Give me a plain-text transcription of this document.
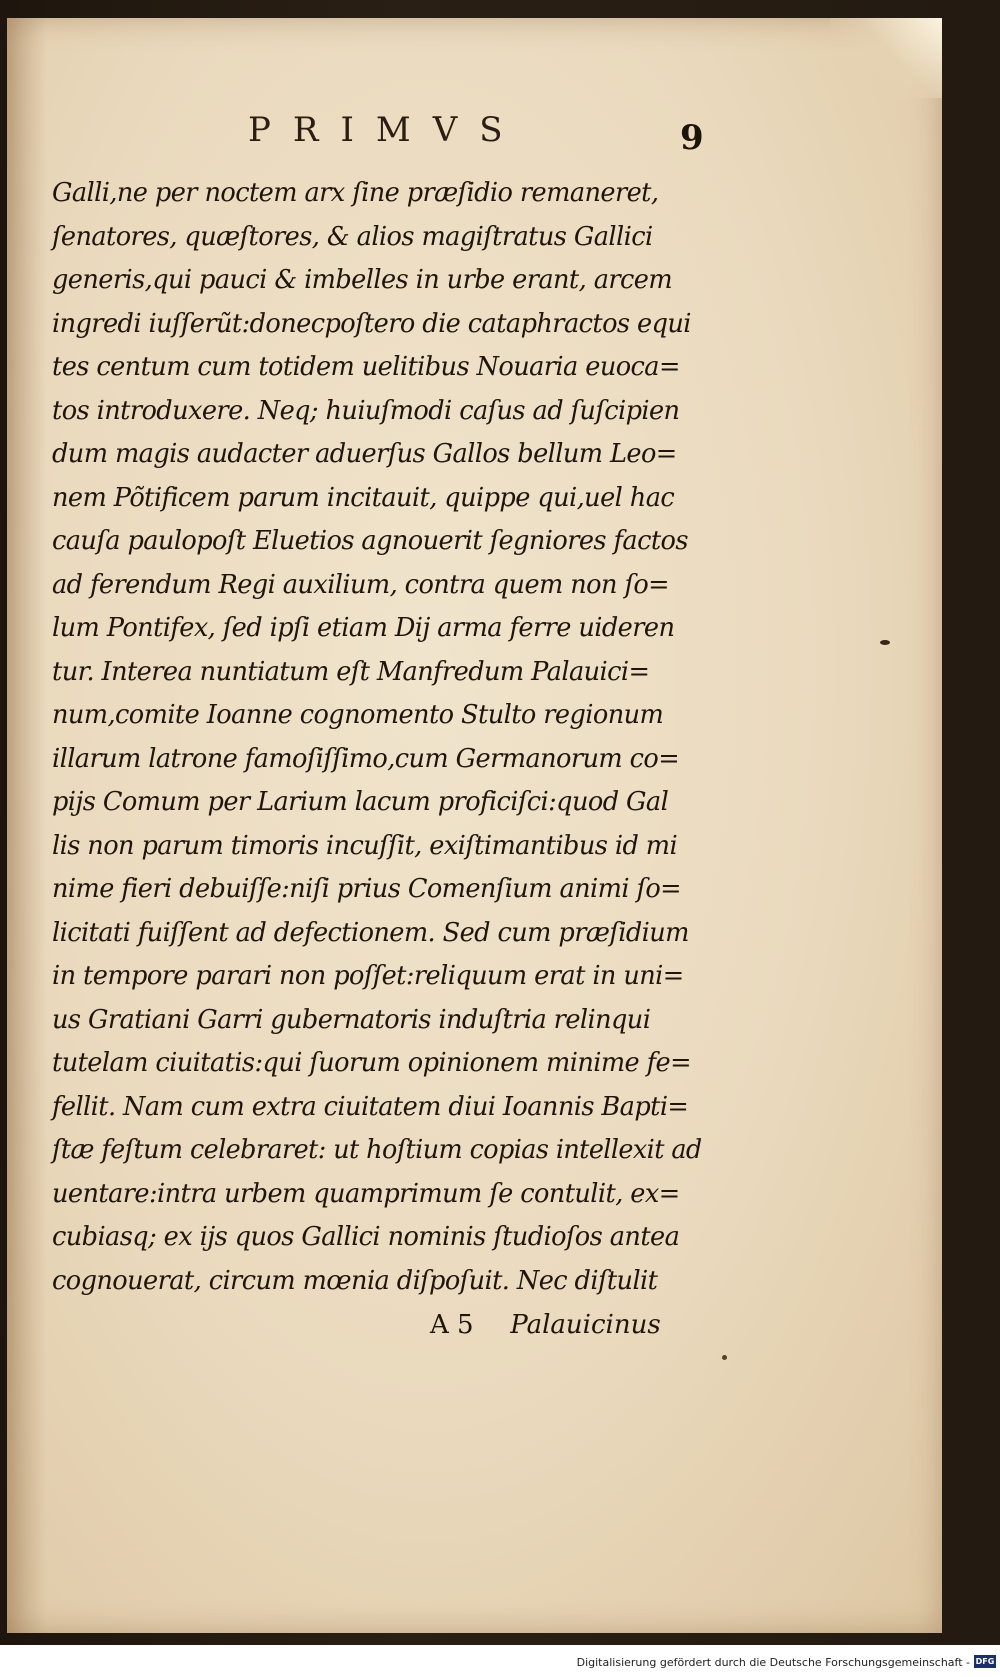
PRIMVS	9
Galli,ne per noctem arx ſine præſidio remaneret,
ſenatores, quæſtores, & alios magiſtratus Gallici
generis,qui pauci & imbelles in urbe erant, arcem
ingredi iuſſerũt:donecpoſtero die cataphractos equi
tes centum cum totidem uelitibus Nouaria euoca=
tos introduxere. Neq; huiuſmodi caſus ad ſuſcipien
dum magis audacter aduerſus Gallos bellum Leo=
nem Põtificem parum incitauit, quippe qui,uel hac
cauſa paulopoſt Eluetios agnouerit ſegniores factos
ad ferendum Regi auxilium, contra quem non ſo=
lum Pontifex, ſed ipſi etiam Dij arma ferre uideren
tur. Interea nuntiatum eſt Manfredum Palauici=
num,comite Ioanne cognomento Stulto regionum
illarum latrone famoſiſſimo,cum Germanorum co=
pijs Comum per Larium lacum proficiſci:quod Gal
lis non parum timoris incuſſit, exiſtimantibus id mi
nime fieri debuiſſe:niſi prius Comenſium animi ſo=
licitati fuiſſent ad defectionem. Sed cum præſidium
in tempore parari non poſſet:reliquum erat in uni=
us Gratiani Garri gubernatoris induſtria relinqui
tutelam ciuitatis:qui ſuorum opinionem minime fe=
fellit. Nam cum extra ciuitatem diui Ioannis Bapti=
ſtæ feſtum celebraret: ut hoſtium copias intellexit ad
uentare:intra urbem quamprimum ſe contulit, ex=
cubiasq; ex ijs quos Gallici nominis ſtudioſos antea
cognouerat, circum mœnia diſpoſuit. Nec diſtulit
A 5 Palauicinus
Digitalisierung gefördert durch die Deutsche Forschungsgemeinschaft - DFG
